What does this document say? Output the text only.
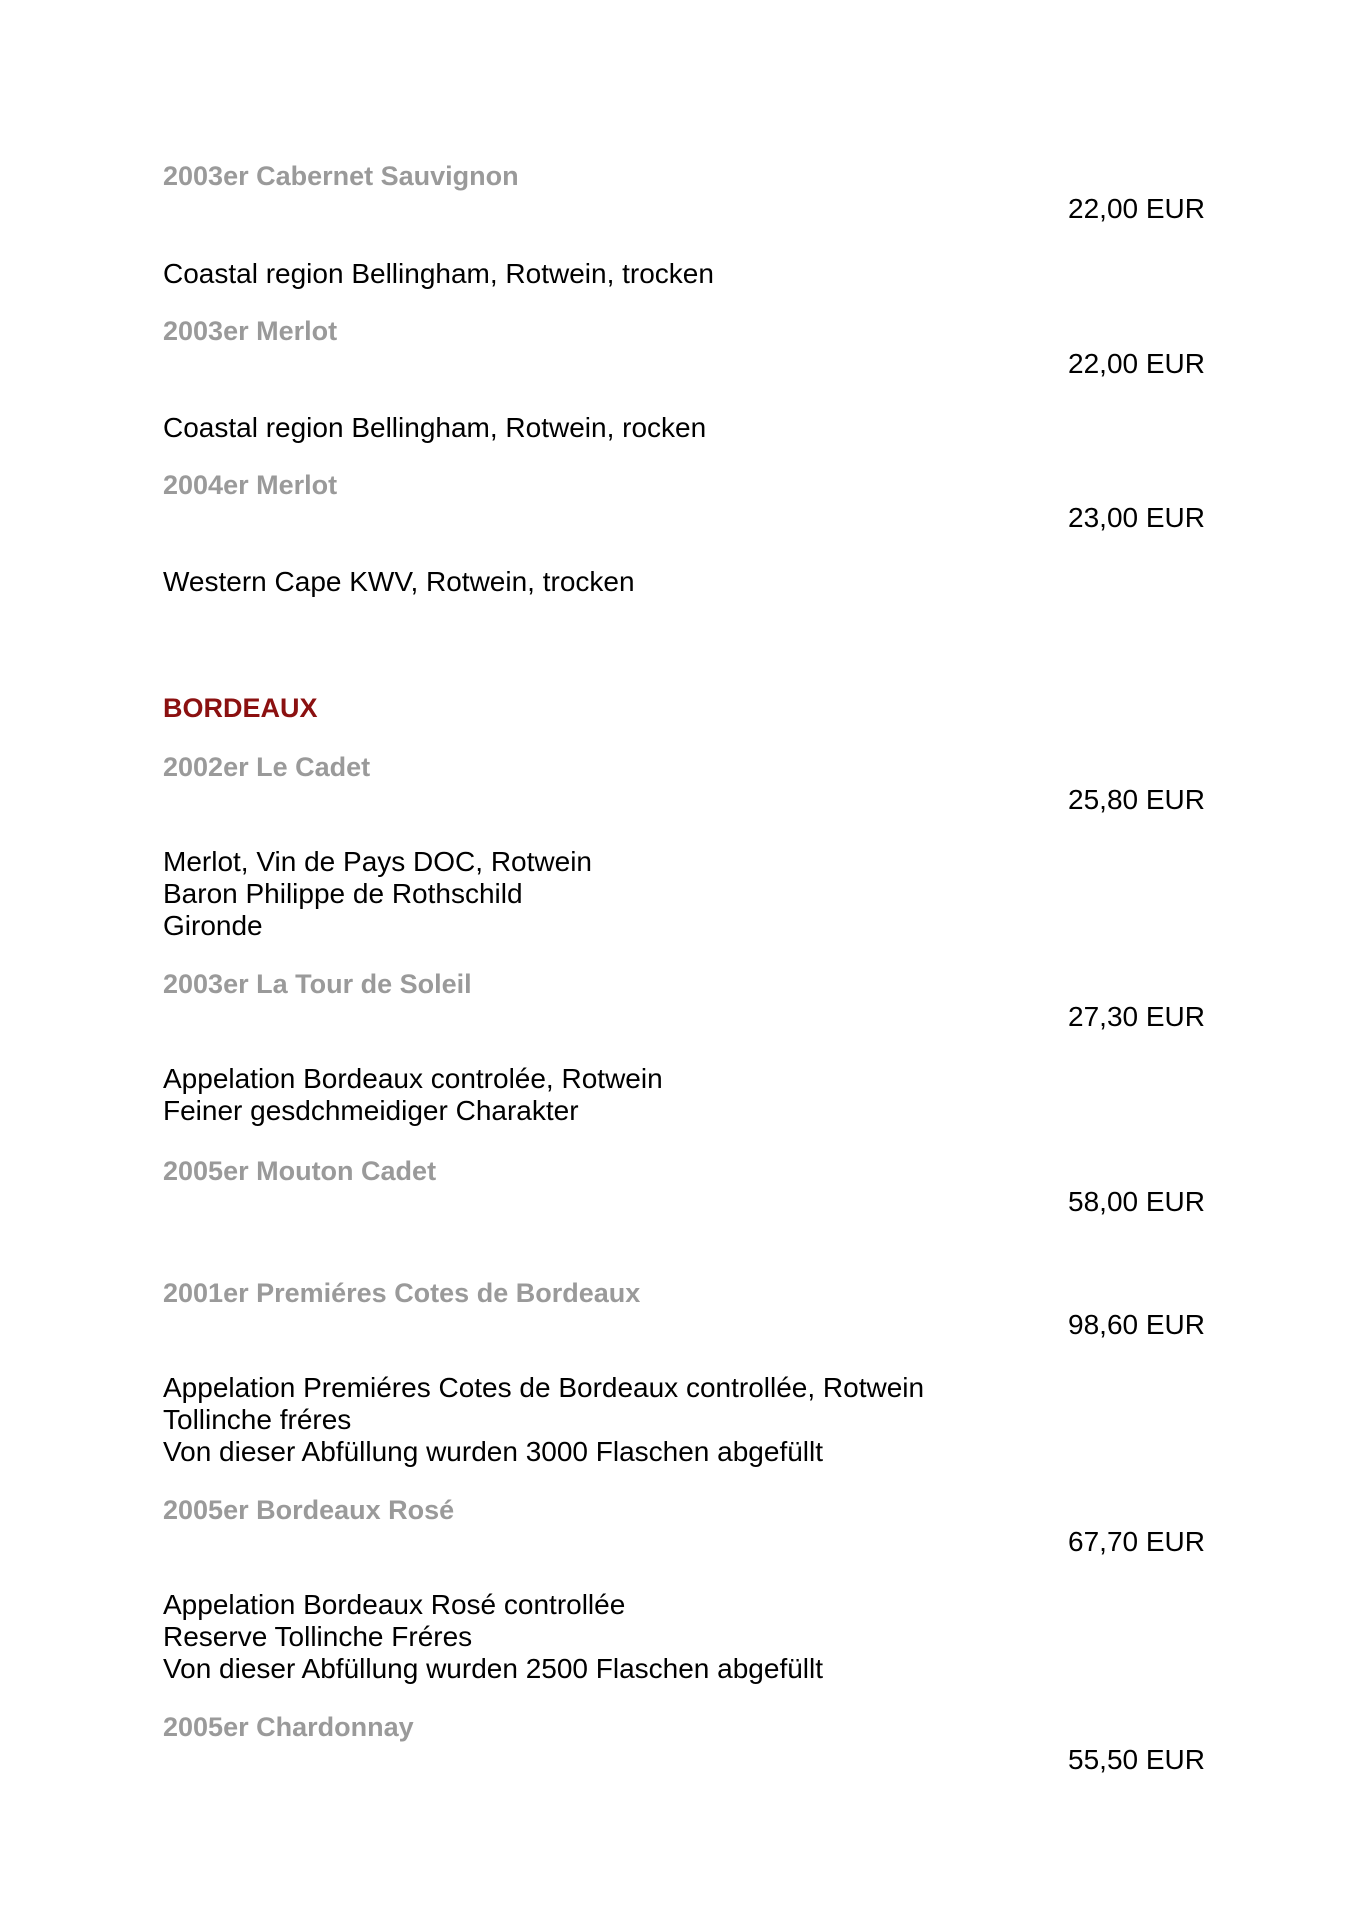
2003er Cabernet Sauvignon
22,00 EUR
Coastal region Bellingham, Rotwein, trocken
2003er Merlot
22,00 EUR
Coastal region Bellingham, Rotwein, rocken
2004er Merlot
23,00 EUR
Western Cape KWV, Rotwein, trocken
BORDEAUX
2002er Le Cadet
25,80 EUR
Merlot, Vin de Pays DOC, Rotwein
Baron Philippe de Rothschild
Gironde
2003er La Tour de Soleil
27,30 EUR
Appelation Bordeaux controlée, Rotwein
Feiner gesdchmeidiger Charakter
2005er Mouton Cadet
58,00 EUR
2001er Premiéres Cotes de Bordeaux
98,60 EUR
Appelation Premiéres Cotes de Bordeaux controllée, Rotwein
Tollinche fréres
Von dieser Abfüllung wurden 3000 Flaschen abgefüllt
2005er Bordeaux Rosé
67,70 EUR
Appelation Bordeaux Rosé controllée
Reserve Tollinche Fréres
Von dieser Abfüllung wurden 2500 Flaschen abgefüllt
2005er Chardonnay
55,50 EUR
